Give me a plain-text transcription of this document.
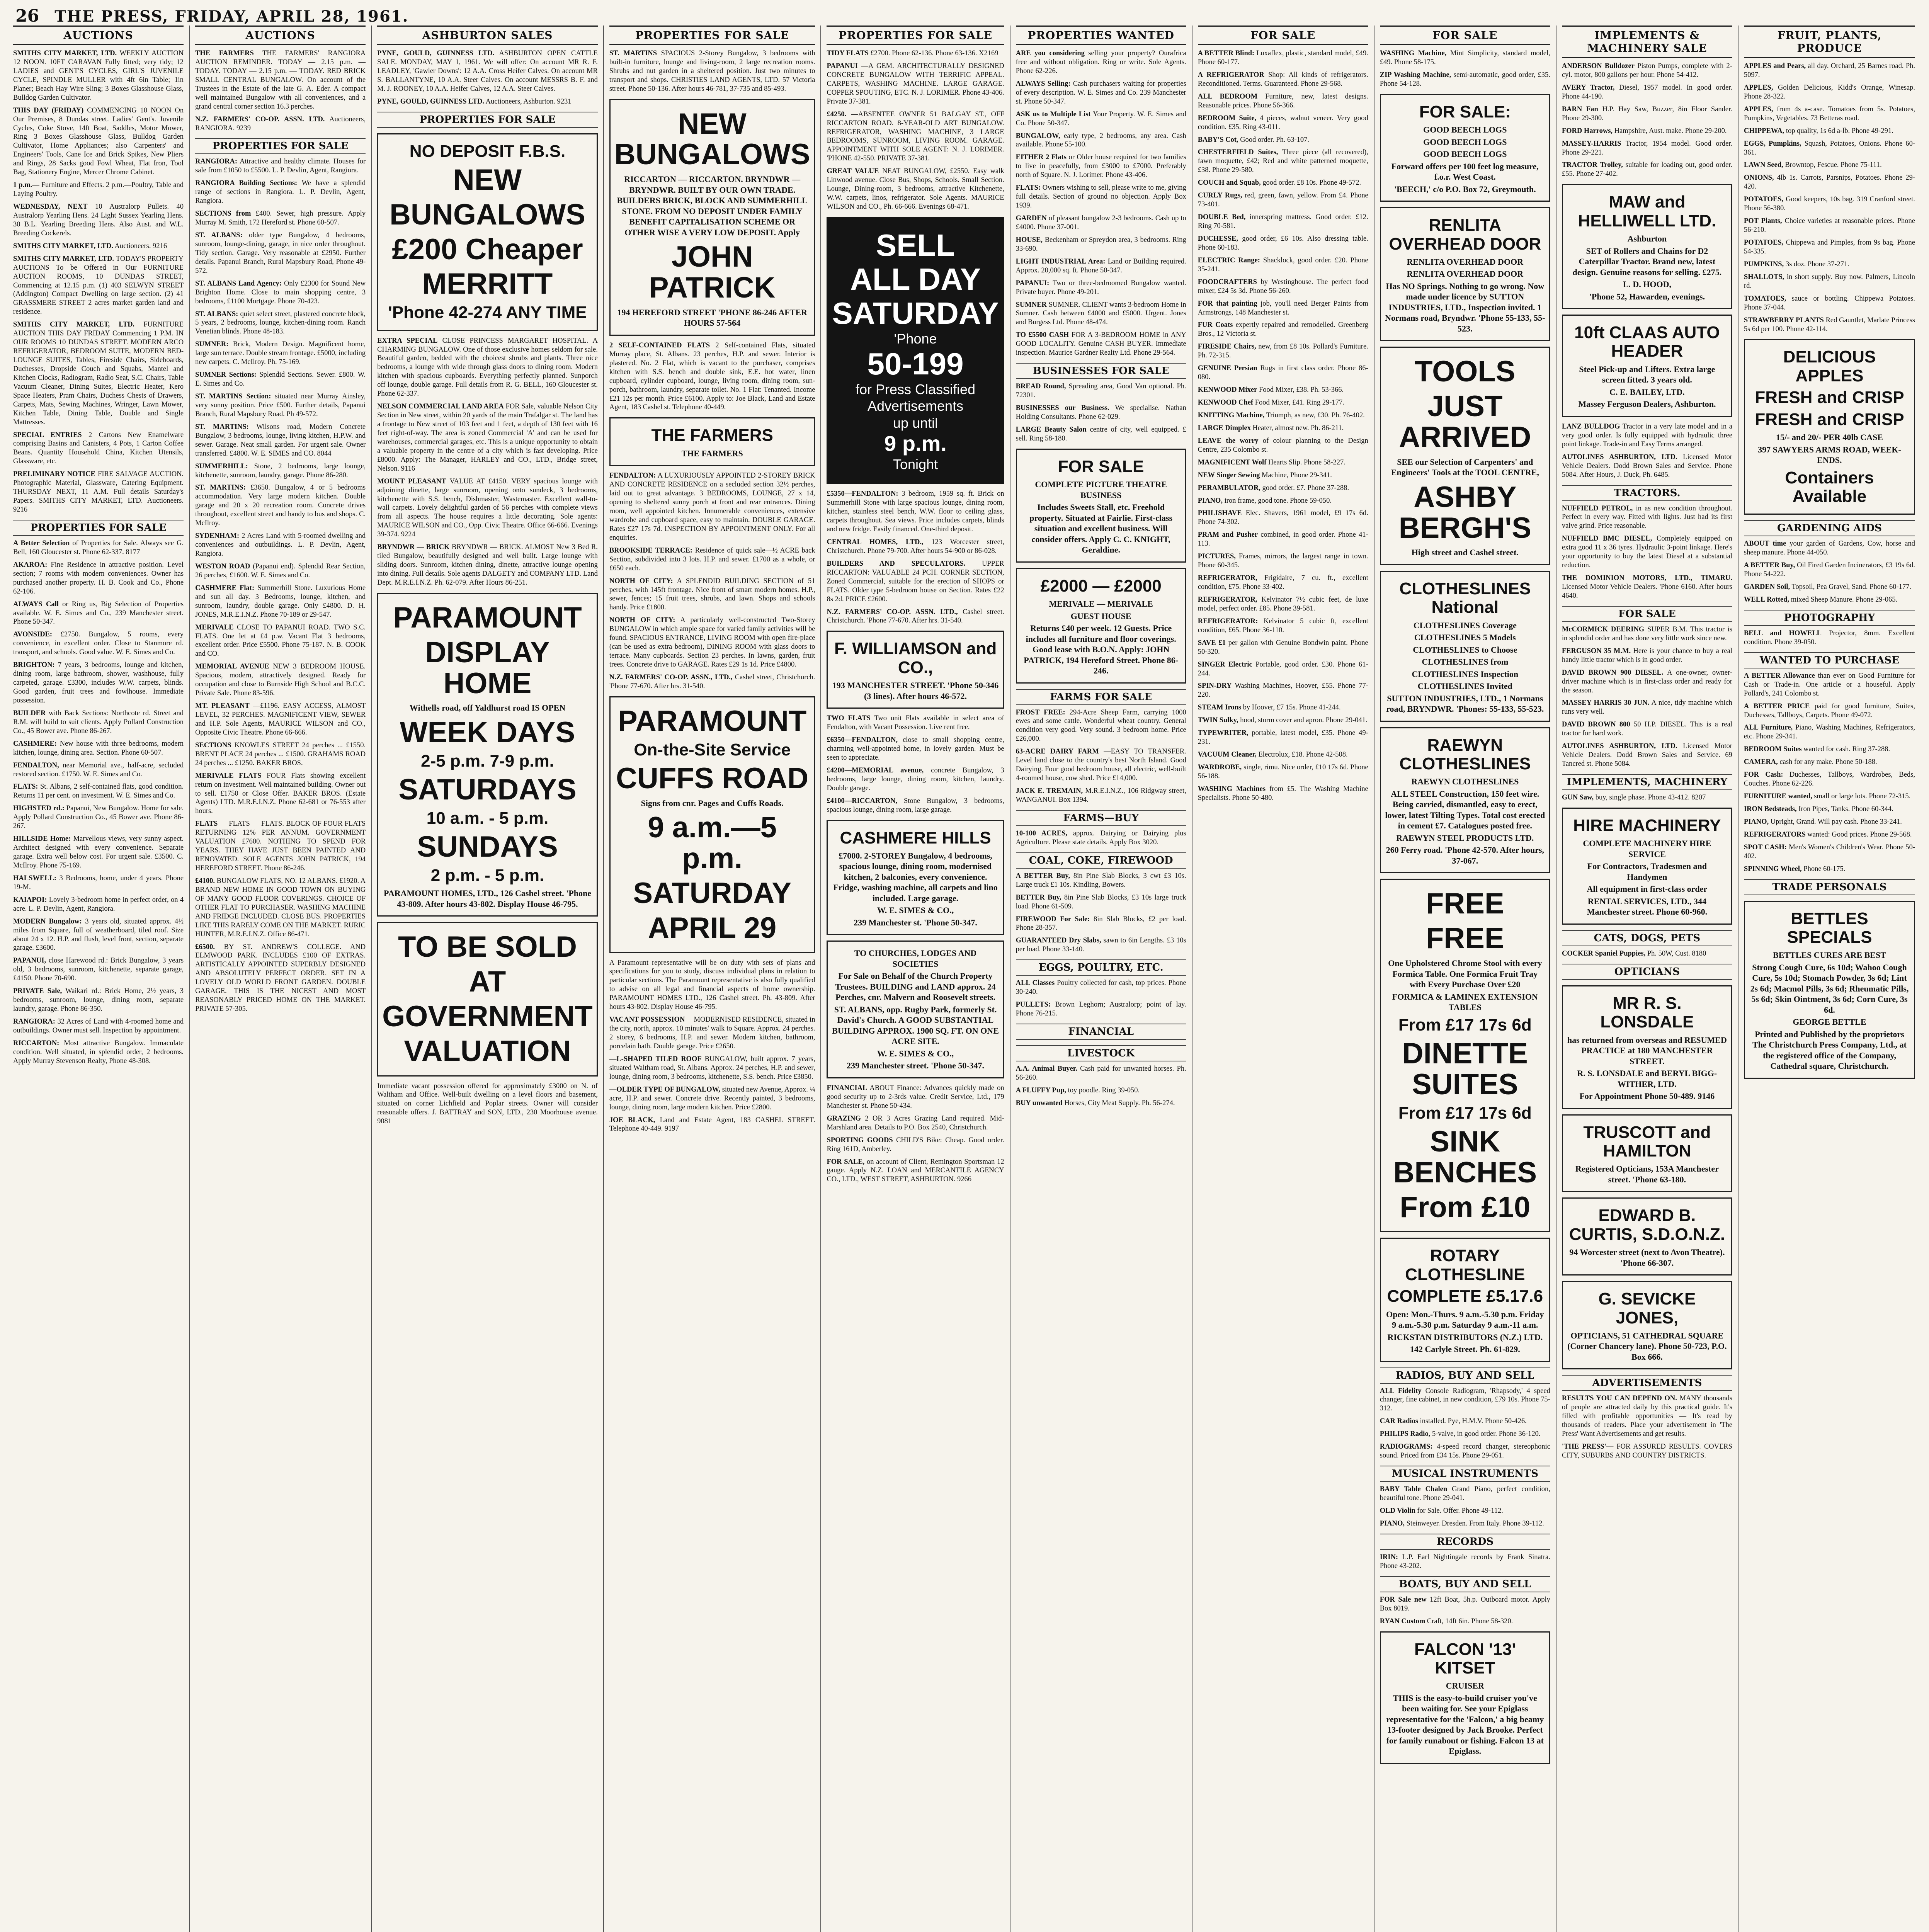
26 THE PRESS, FRIDAY, APRIL 28, 1961.
AUCTIONS

SMITHS CITY MARKET, LTD. WEEKLY AUCTION 12 NOON. 10FT CARAVAN Fully fitted; very tidy; 12 LADIES and GENT'S CYCLES, GIRL'S JUVENILE CYCLE, SPINDLE MULLER with 4ft 6in Table; 1in Planer; Beach Hay Wire Sling; 3 Boxes Glasshouse Glass, Bulldog Garden Cultivator.

THIS DAY (FRIDAY) COMMENCING 10 NOON On Our Premises, 8 Dundas street. Ladies' Gent's. Juvenile Cycles, Coke Stove, 14ft Boat, Saddles, Motor Mower, Ring 3 Boxes Glasshouse Glass, Bulldog Garden Cultivator, Home Appliances; also Carpenters' and Engineers' Tools, Cane Ice and Brick Spikes, New Pliers and Rings, 28 Sacks good Fowl Wheat, Flat Iron, Tool Bag, Stationery Engine, Mercer Chrome Cabinet.

1 p.m.— Furniture and Effects. 2 p.m.—Poultry, Table and Laying Poultry.

WEDNESDAY, NEXT 10 Australorp Pullets. 40 Australorp Yearling Hens. 24 Light Sussex Yearling Hens. 30 B.L. Yearling Breeding Hens. Also Aust. and W.L. Breeding Cockerels.

SMITHS CITY MARKET, LTD. Auctioneers. 9216

SMITHS CITY MARKET, LTD. TODAY'S PROPERTY AUCTIONS To be Offered in Our FURNITURE AUCTION ROOMS, 10 DUNDAS STREET, Commencing at 12.15 p.m. (1) 403 SELWYN STREET (Addington) Compact Dwelling on large section. (2) 41 GRASSMERE STREET 2 acres market garden land and residence.

SMITHS CITY MARKET, LTD. FURNITURE AUCTION THIS DAY FRIDAY Commencing 1 P.M. IN OUR ROOMS 10 DUNDAS STREET. MODERN ARCO REFRIGERATOR, BEDROOM SUITE, MODERN BED-LOUNGE SUITES, Tables, Fireside Chairs, Sideboards, Duchesses, Dropside Couch and Squabs, Mantel and Kitchen Clocks, Radiogram, Radio Seat, S.C. Chairs, Table Vacuum Cleaner, Dining Suites, Electric Heater, Kero Space Heaters, Pram Chairs, Duchess Chests of Drawers, Carpets, Mats, Sewing Machines, Wringer, Lawn Mower, Kitchen Table, Dining Table, Double and Single Mattresses.

SPECIAL ENTRIES 2 Cartons New Enamelware comprising Basins and Canisters, 4 Pots, 1 Carton Coffee Beans. Quantity Household China, Kitchen Utensils, Glassware, etc.

PRELIMINARY NOTICE FIRE SALVAGE AUCTION. Photographic Material, Glassware, Catering Equipment. THURSDAY NEXT, 11 A.M. Full details Saturday's Papers. SMITHS CITY MARKET, LTD. Auctioneers. 9216

PROPERTIES FOR SALE

A Better Selection of Properties for Sale. Always see G. Bell, 160 Gloucester st. Phone 62-337. 8177

AKAROA: Fine Residence in attractive position. Level section; 7 rooms with modern conveniences. Owner has purchased another property. H. B. Cook and Co., Phone 62-106.

ALWAYS Call or Ring us, Big Selection of Properties available. W. E. Simes and Co., 239 Manchester street. Phone 50-347.

AVONSIDE: £2750. Bungalow, 5 rooms, every convenience, in excellent order. Close to Stanmore rd. transport, and schools. Good value. W. E. Simes and Co.

BRIGHTON: 7 years, 3 bedrooms, lounge and kitchen, dining room, large bathroom, shower, washhouse, fully carpeted, garage. £3300, includes W.W. carpets, blinds. Good garden, fruit trees and fowlhouse. Immediate possession.

BUILDER with Back Sections: Northcote rd. Street and R.M. will build to suit clients. Apply Pollard Construction Co., 45 Bower ave. Phone 86-267.

CASHMERE: New house with three bedrooms, modern kitchen, lounge, dining area. Section. Phone 60-507.

FENDALTON, near Memorial ave., half-acre, secluded restored section. £1750. W. E. Simes and Co.

FLATS: St. Albans, 2 self-contained flats, good condition. Returns 11 per cent. on investment. W. E. Simes and Co.

HIGHSTED rd.: Papanui, New Bungalow. Home for sale. Apply Pollard Construction Co., 45 Bower ave. Phone 86-267.

HILLSIDE Home: Marvellous views, very sunny aspect. Architect designed with every convenience. Separate garage. Extra well below cost. For urgent sale. £3500. C. McIlroy. Phone 75-169.

HALSWELL: 3 Bedrooms, home, under 4 years. Phone 19-M.

KAIAPOI: Lovely 3-bedroom home in perfect order, on 4 acre. L. P. Devlin, Agent, Rangiora.

MODERN Bungalow: 3 years old, situated approx. 4½ miles from Square, full of weatherboard, tiled roof. Size about 24 x 12. H.P. and flush, level front, section, separate garage. £3600.

PAPANUI, close Harewood rd.: Brick Bungalow, 3 years old, 3 bedrooms, sunroom, kitchenette, separate garage, £4150. Phone 70-690.

PRIVATE Sale, Waikari rd.: Brick Home, 2½ years, 3 bedrooms, sunroom, lounge, dining room, separate laundry, garage. Phone 86-350.

RANGIORA: 32 Acres of Land with 4-roomed home and outbuildings. Owner must sell. Inspection by appointment.

RICCARTON: Most attractive Bungalow. Immaculate condition. Well situated, in splendid order, 2 bedrooms. Apply Murray Stevenson Realty, Phone 48-308.

AUCTIONS

THE FARMERS THE FARMERS' RANGIORA AUCTION REMINDER. TODAY — 2.15 p.m. — TODAY. TODAY — 2.15 p.m. — TODAY. RED BRICK SMALL CENTRAL BUNGALOW. On account of the Trustees in the Estate of the late G. A. Eder. A compact well maintained Bungalow with all conveniences, and a grand central corner section 16.3 perches.

N.Z. FARMERS' CO-OP. ASSN. LTD. Auctioneers, RANGIORA. 9239

PROPERTIES FOR SALE

RANGIORA: Attractive and healthy climate. Houses for sale from £1050 to £5500. L. P. Devlin, Agent, Rangiora.

RANGIORA Building Sections: We have a splendid range of sections in Rangiora. L. P. Devlin, Agent, Rangiora.

SECTIONS from £400. Sewer, high pressure. Apply Murray M. Smith, 172 Hereford st. Phone 60-507.

ST. ALBANS: older type Bungalow, 4 bedrooms, sunroom, lounge-dining, garage, in nice order throughout. Tidy section. Garage. Very reasonable at £2950. Further details. Papanui Branch, Rural Mapsbury Road, Phone 49-572.

ST. ALBANS Land Agency: Only £2300 for Sound New Brighton Home. Close to main shopping centre, 3 bedrooms, £1100 Mortgage. Phone 70-423.

ST. ALBANS: quiet select street, plastered concrete block, 5 years, 2 bedrooms, lounge, kitchen-dining room. Ranch Venetian blinds. Phone 48-183.

SUMNER: Brick, Modern Design. Magnificent home, large sun terrace. Double stream frontage. £5000, including new carpets. C. McIlroy. Ph. 75-169.

SUMNER Sections: Splendid Sections. Sewer. £800. W. E. Simes and Co.

ST. MARTINS Section: situated near Murray Ainsley, very sunny position. Price £500. Further details, Papanui Branch, Rural Mapsbury Road. Ph 49-572.

ST. MARTINS: Wilsons road, Modern Concrete Bungalow, 3 bedrooms, lounge, living kitchen, H.P.W. and sewer. Garage. Neat small garden. For urgent sale. Owner transferred. £4800. W. E. SIMES and CO. 8044

SUMMERHILL: Stone, 2 bedrooms, large lounge, kitchenette, sunroom, laundry, garage. Phone 86-280.

ST. MARTINS: £3650. Bungalow, 4 or 5 bedrooms accommodation. Very large modern kitchen. Double garage and 20 x 20 recreation room. Concrete drives throughout, excellent street and handy to bus and shops. C. McIlroy.

SYDENHAM: 2 Acres Land with 5-roomed dwelling and conveniences and outbuildings. L. P. Devlin, Agent, Rangiora.

WESTON ROAD (Papanui end). Splendid Rear Section, 26 perches, £1600. W. E. Simes and Co.

CASHMERE Flat: Summerhill Stone. Luxurious Home and sun all day. 3 Bedrooms, lounge, kitchen, and sunroom, laundry, double garage. Only £4800. D. H. JONES, M.R.E.I.N.Z. Phone 70-189 or 29-547.

MERIVALE CLOSE TO PAPANUI ROAD. TWO S.C. FLATS. One let at £4 p.w. Vacant Flat 3 bedrooms, excellent order. Price £5500. Phone 75-187. N. B. COOK and CO.

MEMORIAL AVENUE NEW 3 BEDROOM HOUSE. Spacious, modern, attractively designed. Ready for occupation and close to Burnside High School and B.C.C. Private Sale. Phone 83-596.

MT. PLEASANT —£1196. EASY ACCESS, ALMOST LEVEL, 32 PERCHES. MAGNIFICENT VIEW, SEWER and H.P. Sole Agents, MAURICE WILSON and CO., Opposite Civic Theatre. Phone 66-666.

SECTIONS KNOWLES STREET 24 perches ... £1550. BRENT PLACE 24 perches ... £1500. GRAHAMS ROAD 24 perches ... £1250. BAKER BROS.

MERIVALE FLATS FOUR Flats showing excellent return on investment. Well maintained building. Owner out to sell. £1750 or Close Offer. BAKER BROS. (Estate Agents) LTD. M.R.E.I.N.Z. Phone 62-681 or 76-553 after hours.

FLATS — FLATS — FLATS. BLOCK OF FOUR FLATS RETURNING 12% PER ANNUM. GOVERNMENT VALUATION £7600. NOTHING TO SPEND FOR YEARS. THEY HAVE JUST BEEN PAINTED AND RENOVATED. SOLE AGENTS JOHN PATRICK, 194 HEREFORD STREET. Phone 86-246.

£4100. BUNGALOW FLATS, NO. 12 ALBANS. £1920. A BRAND NEW HOME IN GOOD TOWN ON BUYING OF MANY GOOD FLOOR COVERINGS. CHOICE OF OTHER FLAT TO PURCHASER. WASHING MACHINE AND FRIDGE INCLUDED. CLOSE BUS. PROPERTIES LIKE THIS RARELY COME ON THE MARKET. RURIC HUNTER, M.R.E.I.N.Z. Office 86-471.

£6500. BY ST. ANDREW'S COLLEGE. AND ELMWOOD PARK. INCLUDES £100 OF EXTRAS. ARTISTICALLY APPOINTED SUPERBLY DESIGNED AND ABSOLUTELY PERFECT ORDER. SET IN A LOVELY OLD WORLD FRONT GARDEN. DOUBLE GARAGE. THIS IS THE NICEST AND MOST REASONABLY PRICED HOME ON THE MARKET. PRIVATE 57-305.

ASHBURTON SALES

PYNE, GOULD, GUINNESS LTD. ASHBURTON OPEN CATTLE SALE. MONDAY, MAY 1, 1961. We will offer: On account MR R. F. LEADLEY, 'Gawler Downs': 12 A.A. Cross Heifer Calves. On account MR S. BALLANTYNE, 10 A.A. Steer Calves. On account MESSRS B. F. and M. J. ROONEY, 10 A.A. Heifer Calves, 12 A.A. Steer Calves.

PYNE, GOULD, GUINNESS LTD. Auctioneers, Ashburton. 9231

PROPERTIES FOR SALE
NO DEPOSIT F.B.S.
NEW
BUNGALOWS
£200 Cheaper
MERRITT
'Phone 42-274 ANY TIME

EXTRA SPECIAL CLOSE PRINCESS MARGARET HOSPITAL. A CHARMING BUNGALOW. One of those exclusive homes seldom for sale. Beautiful garden, bedded with the choicest shrubs and plants. Three nice bedrooms, a lounge with wide through glass doors to dining room. Modern kitchen with spacious cupboards. Everything perfectly planned. Sunporch off lounge, double garage. Full details from R. G. BELL, 160 Gloucester st. Phone 62-337.

NELSON COMMERCIAL LAND AREA FOR Sale, valuable Nelson City Section in New street, within 20 yards of the main Trafalgar st. The land has a frontage to New street of 103 feet and 1 feet, a depth of 130 feet with 16 feet right-of-way. The area is zoned Commercial 'A' and can be used for warehouses, commercial garages, etc. This is a unique opportunity to obtain a valuable property in the centre of a city which is fast developing. Price £8000. Apply: The Manager, HARLEY and CO., LTD., Bridge street, Nelson. 9116

MOUNT PLEASANT VALUE AT £4150. VERY spacious lounge with adjoining dinette, large sunroom, opening onto sundeck, 3 bedrooms, kitchenette with S.S. bench, Dishmaster, Wastemaster. Excellent wall-to-wall carpets. Lovely delightful garden of 56 perches with complete views from all aspects. The house requires a little decorating. Sole agents: MAURICE WILSON and CO., Opp. Civic Theatre. Office 66-666. Evenings 39-374. 9224

BRYNDWR — BRICK BRYNDWR — BRICK. ALMOST New 3 Bed R. tiled Bungalow, beautifully designed and well built. Large lounge with sliding doors. Sunroom, kitchen dining, dinette, attractive lounge opening into dining. Full details. Sole agents DALGETY and COMPANY LTD. Land Dept. M.R.E.I.N.Z. Ph. 62-079. After Hours 86-251.

PARAMOUNT
DISPLAY HOME
Withells road, off Yaldhurst road IS OPEN
WEEK DAYS
2-5 p.m. 7-9 p.m.
SATURDAYS
10 a.m. - 5 p.m.
SUNDAYS
2 p.m. - 5 p.m.
PARAMOUNT HOMES, LTD., 126 Cashel street. 'Phone 43-809. After hours 43-802. Display House 46-795.
TO BE SOLD
AT
GOVERNMENT
VALUATION

Immediate vacant possession offered for approximately £3000 on N. of Waltham and Office. Well-built dwelling on a level floors and basement, situated on corner Lichfield and Poplar streets. Owner will consider reasonable offers. J. BATTRAY and SON, LTD., 230 Moorhouse avenue. 9081

PROPERTIES FOR SALE

ST. MARTINS SPACIOUS 2-Storey Bungalow, 3 bedrooms with built-in furniture, lounge and living-room, 2 large recreation rooms. Shrubs and nut garden in a sheltered position. Just two minutes to transport and shops. CHRISTIES LAND AGENTS, LTD. 57 Victoria street. Phone 50-136. After hours 46-781, 37-735 and 85-493.

NEW BUNGALOWS
RICCARTON — RICCARTON. BRYNDWR — BRYNDWR. BUILT BY OUR OWN TRADE. BUILDERS BRICK, BLOCK AND SUMMERHILL STONE. FROM NO DEPOSIT UNDER FAMILY BENEFIT CAPITALISATION SCHEME OR OTHER WISE A VERY LOW DEPOSIT. Apply
JOHN PATRICK
194 HEREFORD STREET 'PHONE 86-246 AFTER HOURS 57-564

2 SELF-CONTAINED FLATS 2 Self-contained Flats, situated Murray place, St. Albans. 23 perches, H.P. and sewer. Interior is plastered. No. 2 Flat, which is vacant to the purchaser, comprises kitchen with S.S. bench and double sink, E.E. hot water, linen cupboard, cylinder cupboard, lounge, living room, dining room, sun-porch, bathroom, laundry, separate toilet. No. 1 Flat: Tenanted. Income £21 12s per month. Price £6100. Apply to: Joe Black, Land and Estate Agent, 183 Cashel st. Telephone 40-449.

THE FARMERS
THE FARMERS

FENDALTON: A LUXURIOUSLY APPOINTED 2-STOREY BRICK AND CONCRETE RESIDENCE on a secluded section 32½ perches, laid out to great advantage. 3 BEDROOMS, LOUNGE, 27 x 14, opening to sheltered sunny porch at front and rear entrances. Dining room, well appointed kitchen. Innumerable conveniences, extensive wardrobe and cupboard space, easy to maintain. DOUBLE GARAGE. Rates £27 17s 7d. INSPECTION BY APPOINTMENT ONLY. For all enquiries.

BROOKSIDE TERRACE: Residence of quick sale—½ ACRE back Section, subdivided into 3 lots. H.P. and sewer. £1700 as a whole, or £650 each.

NORTH OF CITY: A SPLENDID BUILDING SECTION of 51 perches, with 145ft frontage. Nice front of smart modern homes. H.P., sewer, fences; 15 fruit trees, shrubs, and lawn. Shops and schools handy. Price £1800.

NORTH OF CITY: A particularly well-constructed Two-Storey BUNGALOW in which ample space for varied family activities will be found. SPACIOUS ENTRANCE, LIVING ROOM with open fire-place (can be used as extra bedroom), DINING ROOM with glass doors to terrace. Many cupboards. Section 23 perches. In lawns, garden, fruit trees. Concrete drive to GARAGE. Rates £29 1s 1d. Price £4800.

N.Z. FARMERS' CO-OP. ASSN., LTD., Cashel street, Christchurch. 'Phone 77-670. After hrs. 31-540.

PARAMOUNT
On-the-Site Service
CUFFS ROAD
Signs from cnr. Pages and Cuffs Roads.
9 a.m.—5 p.m.
SATURDAY
APRIL 29

A Paramount representative will be on duty with sets of plans and specifications for you to study, discuss individual plans in relation to particular sections. The Paramount representative is also fully qualified to advise on all legal and financial aspects of home ownership. PARAMOUNT HOMES LTD., 126 Cashel street. Ph. 43-809. After hours 43-802. Display House 46-795.

VACANT POSSESSION —MODERNISED RESIDENCE, situated in the city, north, approx. 10 minutes' walk to Square. Approx. 24 perches. 2 storey, 6 bedrooms, H.P. and sewer. Modern kitchen, bathroom, porcelain bath. Double garage. Price £2650.

—L-SHAPED TILED ROOF BUNGALOW, built approx. 7 years, situated Waltham road, St. Albans. Approx. 24 perches, H.P. and sewer, lounge, dining room, 3 bedrooms, kitchenette, S.S. bench. Price £3850.

—OLDER TYPE OF BUNGALOW, situated new Avenue, Approx. ¼ acre, H.P. and sewer. Concrete drive. Recently painted, 3 bedrooms, lounge, dining room, large modern kitchen. Price £2800.

JOE BLACK, Land and Estate Agent, 183 CASHEL STREET. Telephone 40-449. 9197

PROPERTIES FOR SALE

TIDY FLATS £2700. Phone 62-136. Phone 63-136. X2169

PAPANUI —A GEM. ARCHITECTURALLY DESIGNED CONCRETE BUNGALOW WITH TERRIFIC APPEAL. CARPETS, WASHING MACHINE. LARGE GARAGE. COPPER SPOUTING, ETC. N. J. LORIMER. Phone 43-406. Private 37-381.

£4250. —ABSENTEE OWNER 51 BALGAY ST., OFF RICCARTON ROAD. 8-YEAR-OLD ART BUNGALOW. REFRIGERATOR, WASHING MACHINE, 3 LARGE BEDROOMS, SUNROOM, LIVING ROOM. GARAGE. APPOINTMENT WITH SOLE AGENT: N. J. LORIMER. 'PHONE 42-550. PRIVATE 37-381.

GREAT VALUE NEAT BUNGALOW, £2550. Easy walk Linwood avenue. Close Bus, Shops, Schools. Small Section. Lounge, Dining-room, 3 bedrooms, attractive Kitchenette, W.W. carpets, linos, refrigerator. Sole Agents. MAURICE WILSON and CO., Ph. 66-666. Evenings 68-471.

SELL
ALL DAY
SATURDAY
'Phone
50-199
for Press Classified Advertisements
up until
9 p.m.
Tonight

£5350—FENDALTON: 3 bedroom, 1959 sq. ft. Brick on Summerhill Stone with large spacious lounge, dining room, kitchen, stainless steel bench, W.W. floor to ceiling glass, carpets throughout. Sea views. Price includes carpets, blinds and new fridge. Easily financed. One-third deposit.

CENTRAL HOMES, LTD., 123 Worcester street, Christchurch. Phone 79-700. After hours 54-900 or 86-028.

BUILDERS AND SPECULATORS. UPPER RICCARTON: VALUABLE 24 PCH. CORNER SECTION, Zoned Commercial, suitable for the erection of SHOPS or FLATS. Older type 5-bedroom house on Section. Rates £22 8s 2d. PRICE £2600.

N.Z. FARMERS' CO-OP. ASSN. LTD., Cashel street. Christchurch. 'Phone 77-670. After hrs. 31-540.

F. WILLIAMSON and CO.,
193 MANCHESTER STREET. 'Phone 50-346 (3 lines). After hours 46-572.

TWO FLATS Two unit Flats available in select area of Fendalton, with Vacant Possession. Live rent free.

£6350—FENDALTON, close to small shopping centre, charming well-appointed home, in lovely garden. Must be seen to appreciate.

£4200—MEMORIAL avenue, concrete Bungalow, 3 bedrooms, large lounge, dining room, kitchen, laundry. Double garage.

£4100—RICCARTON, Stone Bungalow, 3 bedrooms, spacious lounge, dining room, large garage.

CASHMERE HILLS
£7000. 2-STOREY Bungalow, 4 bedrooms, spacious lounge, dining room, modernised kitchen, 2 balconies, every convenience. Fridge, washing machine, all carpets and lino included. Large garage.
W. E. SIMES & CO.,
239 Manchester st. 'Phone 50-347.
TO CHURCHES, LODGES AND SOCIETIES
For Sale on Behalf of the Church Property Trustees. BUILDING and LAND approx. 24 Perches, cnr. Malvern and Roosevelt streets.
ST. ALBANS, opp. Rugby Park, formerly St. David's Church. A GOOD SUBSTANTIAL BUILDING APPROX. 1900 SQ. FT. ON ONE ACRE SITE.
W. E. SIMES & CO.,
239 Manchester street. 'Phone 50-347.

FINANCIAL ABOUT Finance: Advances quickly made on good security up to 2-3rds value. Credit Service, Ltd., 179 Manchester st. Phone 50-434.

GRAZING 2 OR 3 Acres Grazing Land required. Mid-Marshland area. Details to P.O. Box 2540, Christchurch.

SPORTING GOODS CHILD'S Bike: Cheap. Good order. Ring 161D, Amberley.

FOR SALE, on account of Client, Remington Sportsman 12 gauge. Apply N.Z. LOAN and MERCANTILE AGENCY CO., LTD., WEST STREET, ASHBURTON. 9266

PROPERTIES WANTED

ARE you considering selling your property? Ourafrica free and without obligation. Ring or write. Sole Agents. Phone 62-226.

ALWAYS Selling: Cash purchasers waiting for properties of every description. W. E. Simes and Co. 239 Manchester st. Phone 50-347.

ASK us to Multiple List Your Property. W. E. Simes and Co. Phone 50-347.

BUNGALOW, early type, 2 bedrooms, any area. Cash available. Phone 55-100.

EITHER 2 Flats or Older house required for two families to live in peacefully, from £3000 to £7000. Preferably north of Square. N. J. Lorimer. Phone 43-406.

FLATS: Owners wishing to sell, please write to me, giving full details. Section of ground no objection. Apply Box 1939.

GARDEN of pleasant bungalow 2-3 bedrooms. Cash up to £4000. Phone 37-001.

HOUSE, Beckenham or Spreydon area, 3 bedrooms. Ring 33-690.

LIGHT INDUSTRIAL Area: Land or Building required. Approx. 20,000 sq. ft. Phone 50-347.

PAPANUI: Two or three-bedroomed Bungalow wanted. Private buyer. Phone 49-201.

SUMNER SUMNER. CLIENT wants 3-bedroom Home in Sumner. Cash between £4000 and £5000. Urgent. Jones and Burgess Ltd. Phone 48-474.

TO £5500 CASH FOR A 3-BEDROOM HOME in ANY GOOD LOCALITY. Genuine CASH BUYER. Immediate inspection. Maurice Gardner Realty Ltd. Phone 29-564.

BUSINESSES FOR SALE

BREAD Round, Spreading area, Good Van optional. Ph. 72301.

BUSINESSES our Business. We specialise. Nathan Holding Consultants. Phone 62-029.

LARGE Beauty Salon centre of city, well equipped. £ sell. Ring 58-180.

FOR SALE
COMPLETE PICTURE THEATRE BUSINESS
Includes Sweets Stall, etc. Freehold property. Situated at Fairlie. First-class situation and excellent business. Will consider offers. Apply C. C. KNIGHT, Geraldine.
£2000 — £2000
MERIVALE — MERIVALE
GUEST HOUSE
Returns £40 per week. 12 Guests. Price includes all furniture and floor coverings. Good lease with B.O.N. Apply: JOHN PATRICK, 194 Hereford Street. Phone 86-246.
FARMS FOR SALE

FROST FREE: 294-Acre Sheep Farm, carrying 1000 ewes and some cattle. Wonderful wheat country. General condition very good. Very sound. 3 bedroom home. Price £26,000.

63-ACRE DAIRY FARM —EASY TO TRANSFER. Level land close to the country's best North Island. Good Dairying. Four good bedroom house, all electric, well-built 4-roomed house, cow shed. Price £14,000.

JACK E. TREMAIN, M.R.E.I.N.Z., 106 Ridgway street, WANGANUI. Box 1394.

FARMS—BUY

10-100 ACRES, approx. Dairying or Dairying plus Agriculture. Please state details. Apply Box 3020.

COAL, COKE, FIREWOOD

A BETTER Buy, 8in Pine Slab Blocks, 3 cwt £3 10s. Large truck £1 10s. Kindling, Bowers.

BETTER Buy, 8in Pine Slab Blocks, £3 10s large truck load. Phone 61-509.

FIREWOOD For Sale: 8in Slab Blocks, £2 per load. Phone 28-357.

GUARANTEED Dry Slabs, sawn to 6in Lengths. £3 10s per load. Phone 33-140.

EGGS, POULTRY, ETC.

ALL Classes Poultry collected for cash, top prices. Phone 30-240.

PULLETS: Brown Leghorn; Australorp; point of lay. Phone 76-215.

FINANCIAL
LIVESTOCK

A.A. Animal Buyer. Cash paid for unwanted horses. Ph. 56-260.

A FLUFFY Pup, toy poodle. Ring 39-050.

BUY unwanted Horses, City Meat Supply. Ph. 56-274.

FOR SALE

A BETTER Blind: Luxaflex, plastic, standard model, £49. Phone 60-177.

A REFRIGERATOR Shop: All kinds of refrigerators. Reconditioned. Terms. Guaranteed. Phone 29-568.

ALL BEDROOM Furniture, new, latest designs. Reasonable prices. Phone 56-366.

BEDROOM Suite, 4 pieces, walnut veneer. Very good condition. £35. Ring 43-011.

BABY'S Cot, Good order. Ph. 63-107.

CHESTERFIELD Suites, Three piece (all recovered), fawn moquette, £42; Red and white patterned moquette, £38. Phone 29-580.

COUCH and Squab, good order. £8 10s. Phone 49-572.

CURLY Rugs, red, green, fawn, yellow. From £4. Phone 73-401.

DOUBLE Bed, innerspring mattress. Good order. £12. Ring 70-581.

DUCHESSE, good order, £6 10s. Also dressing table. Phone 60-183.

ELECTRIC Range: Shacklock, good order. £20. Phone 35-241.

FOODCRAFTERS by Westinghouse. The perfect food mixer, £24 5s 3d. Phone 56-260.

FOR that painting job, you'll need Berger Paints from Armstrongs, 148 Manchester st.

FUR Coats expertly repaired and remodelled. Greenberg Bros., 12 Victoria st.

FIRESIDE Chairs, new, from £8 10s. Pollard's Furniture. Ph. 72-315.

GENUINE Persian Rugs in first class order. Phone 86-080.

KENWOOD Mixer Food Mixer, £38. Ph. 53-366.

KENWOOD Chef Food Mixer, £41. Ring 29-177.

KNITTING Machine, Triumph, as new, £30. Ph. 76-402.

LARGE Dimplex Heater, almost new. Ph. 86-211.

LEAVE the worry of colour planning to the Design Centre, 235 Colombo st.

MAGNIFICENT Wolf Hearts Slip. Phone 58-227.

NEW Singer Sewing Machine, Phone 29-341.

PERAMBULATOR, good order. £7. Phone 37-288.

PIANO, iron frame, good tone. Phone 59-050.

PHILISHAVE Elec. Shavers, 1961 model, £9 17s 6d. Phone 74-302.

PRAM and Pusher combined, in good order. Phone 41-113.

PICTURES, Frames, mirrors, the largest range in town. Phone 60-345.

REFRIGERATOR, Frigidaire, 7 cu. ft., excellent condition, £75. Phone 33-402.

REFRIGERATOR, Kelvinator 7½ cubic feet, de luxe model, perfect order. £85. Phone 39-581.

REFRIGERATOR: Kelvinator 5 cubic ft, excellent condition, £65. Phone 36-110.

SAVE £1 per gallon with Genuine Bondwin paint. Phone 50-320.

SINGER Electric Portable, good order. £30. Phone 61-244.

SPIN-DRY Washing Machines, Hoover, £55. Phone 77-220.

STEAM Irons by Hoover, £7 15s. Phone 41-244.

TWIN Sulky, hood, storm cover and apron. Phone 29-041.

TYPEWRITER, portable, latest model, £35. Phone 49-231.

VACUUM Cleaner, Electrolux, £18. Phone 42-508.

WARDROBE, single, rimu. Nice order, £10 17s 6d. Phone 56-188.

WASHING Machines from £5. The Washing Machine Specialists. Phone 50-480.

FOR SALE

WASHING Machine, Mint Simplicity, standard model, £49. Phone 58-175.

ZIP Washing Machine, semi-automatic, good order, £35. Phone 54-128.

FOR SALE:
GOOD BEECH LOGS
GOOD BEECH LOGS
GOOD BEECH LOGS
Forward offers per 100 feet log measure, f.o.r. West Coast.
'BEECH,' c/o P.O. Box 72, Greymouth.
RENLITA OVERHEAD DOOR
RENLITA OVERHEAD DOOR
RENLITA OVERHEAD DOOR
Has NO Springs. Nothing to go wrong. Now made under licence by SUTTON INDUSTRIES, LTD., Inspection invited. 1 Normans road, Bryndwr. 'Phone 55-133, 55-523.
TOOLS
JUST ARRIVED
SEE our Selection of Carpenters' and Engineers' Tools at the TOOL CENTRE,
ASHBY BERGH'S
High street and Cashel street.
CLOTHESLINES National
CLOTHESLINES Coverage
CLOTHESLINES 5 Models
CLOTHESLINES to Choose
CLOTHESLINES from
CLOTHESLINES Inspection
CLOTHESLINES Invited
SUTTON INDUSTRIES, LTD., 1 Normans road, BRYNDWR. 'Phones: 55-133, 55-523.
RAEWYN CLOTHESLINES
RAEWYN CLOTHESLINES
ALL STEEL Construction, 150 feet wire. Being carried, dismantled, easy to erect, lower, latest Tilting Types. Total cost erected in cement £7. Catalogues posted free.
RAEWYN STEEL PRODUCTS LTD.
260 Ferry road. 'Phone 42-570. After hours, 37-067.
FREE
FREE
One Upholstered Chrome Stool with every Formica Table. One Formica Fruit Tray with Every Purchase Over £20
FORMICA & LAMINEX EXTENSION TABLES
From £17 17s 6d
DINETTE SUITES
From £17 17s 6d
SINK BENCHES
From £10
ROTARY CLOTHESLINE
COMPLETE £5.17.6
Open: Mon.-Thurs. 9 a.m.-5.30 p.m. Friday 9 a.m.-5.30 p.m. Saturday 9 a.m.-11 a.m.
RICKSTAN DISTRIBUTORS (N.Z.) LTD.
142 Carlyle Street. Ph. 61-829.
RADIOS, BUY AND SELL

ALL Fidelity Console Radiogram, 'Rhapsody,' 4 speed changer, fine cabinet, in new condition, £79 10s. Phone 75-312.

CAR Radios installed. Pye, H.M.V. Phone 50-426.

PHILIPS Radio, 5-valve, in good order. Phone 36-120.

RADIOGRAMS: 4-speed record changer, stereophonic sound. Priced from £34 15s. Phone 29-051.

MUSICAL INSTRUMENTS

BABY Table Chalen Grand Piano, perfect condition, beautiful tone. Phone 29-041.

OLD Violin for Sale. Offer. Phone 49-112.

PIANO, Steinweyer. Dresden. From Italy. Phone 39-112.

RECORDS

IRIN: L.P. Earl Nightingale records by Frank Sinatra. Phone 43-202.

BOATS, BUY AND SELL

FOR Sale new 12ft Boat, 5h.p. Outboard motor. Apply Box 8019.

RYAN Custom Craft, 14ft 6in. Phone 58-320.

FALCON '13' KITSET
CRUISER
THIS is the easy-to-build cruiser you've been waiting for. See your Epiglass representative for the 'Falcon,' a big beamy 13-footer designed by Jack Brooke. Perfect for family runabout or fishing. Falcon 13 at Epiglass.
IMPLEMENTS & MACHINERY SALE

ANDERSON Bulldozer Piston Pumps, complete with 2-cyl. motor, 800 gallons per hour. Phone 54-412.

AVERY Tractor, Diesel, 1957 model. In good order. Phone 44-190.

BARN Fan H.P. Hay Saw, Buzzer, 8in Floor Sander. Phone 29-300.

FORD Harrows, Hampshire, Aust. make. Phone 29-200.

MASSEY-HARRIS Tractor, 1954 model. Good order. Phone 29-221.

TRACTOR Trolley, suitable for loading out, good order. £55. Phone 27-402.

MAW and HELLIWELL LTD.
Ashburton
SET of Rollers and Chains for D2 Caterpillar Tractor. Brand new, latest design. Genuine reasons for selling. £275.
L. D. HOOD,
'Phone 52, Hawarden, evenings.
10ft CLAAS AUTO HEADER
Steel Pick-up and Lifters. Extra large screen fitted. 3 years old.
C. E. BAILEY, LTD.
Massey Ferguson Dealers, Ashburton.

LANZ BULLDOG Tractor in a very late model and in a very good order. Is fully equipped with hydraulic three point linkage. Trade-in and Easy Terms arranged.

AUTOLINES ASHBURTON, LTD. Licensed Motor Vehicle Dealers. Dodd Brown Sales and Service. Phone 5084. After Hours, J. Duck, Ph. 6485.

TRACTORS.

NUFFIELD PETROL, in as new condition throughout. Perfect in every way. Fitted with lights. Just had its first valve grind. Price reasonable.

NUFFIELD BMC DIESEL, Completely equipped on extra good 11 x 36 tyres. Hydraulic 3-point linkage. Here's your opportunity to buy the latest Diesel at a substantial reduction.

THE DOMINION MOTORS, LTD., TIMARU. Licensed Motor Vehicle Dealers. 'Phone 6160. After hours 4640.

FOR SALE

McCORMICK DEERING SUPER B.M. This tractor is in splendid order and has done very little work since new.

FERGUSON 35 M.M. Here is your chance to buy a real handy little tractor which is in good order.

DAVID BROWN 900 DIESEL. A one-owner, owner-driver machine which is in first-class order and ready for the season.

MASSEY HARRIS 30 JUN. A nice, tidy machine which runs very well.

DAVID BROWN 800 50 H.P. DIESEL. This is a real tractor for hard work.

AUTOLINES ASHBURTON, LTD. Licensed Motor Vehicle Dealers. Dodd Brown Sales and Service. 69 Tancred st. Phone 5084.

IMPLEMENTS, MACHINERY

GUN Saw, buy, single phase. Phone 43-412. 8207

HIRE MACHINERY
COMPLETE MACHINERY HIRE SERVICE
For Contractors, Tradesmen and Handymen
All equipment in first-class order
RENTAL SERVICES, LTD., 344 Manchester street. Phone 60-960.
CATS, DOGS, PETS

COCKER Spaniel Puppies, Ph. 50W, Cust. 8180

OPTICIANS
MR R. S. LONSDALE
has returned from overseas and RESUMED PRACTICE at 180 MANCHESTER STREET.
R. S. LONSDALE and BERYL BIGG-WITHER, LTD.
For Appointment Phone 50-489. 9146
TRUSCOTT and HAMILTON
Registered Opticians, 153A Manchester street. 'Phone 63-180.
EDWARD B. CURTIS, S.D.O.N.Z.
94 Worcester street (next to Avon Theatre). 'Phone 66-307.
G. SEVICKE JONES,
OPTICIANS, 51 CATHEDRAL SQUARE (Corner Chancery lane). Phone 50-723, P.O. Box 666.
ADVERTISEMENTS

RESULTS YOU CAN DEPEND ON. MANY thousands of people are attracted daily by this practical guide. It's filled with profitable opportunities — It's read by thousands of readers. Place your advertisement in 'The Press' Want Advertisements and get results.

'THE PRESS'— FOR ASSURED RESULTS. COVERS CITY, SUBURBS AND COUNTRY DISTRICTS.

FRUIT, PLANTS, PRODUCE

APPLES and Pears, all day. Orchard, 25 Barnes road. Ph. 5097.

APPLES, Golden Delicious, Kidd's Orange, Winesap. Phone 28-322.

APPLES, from 4s a-case. Tomatoes from 5s. Potatoes, Pumpkins, Vegetables. 73 Betteras road.

CHIPPEWA, top quality, 1s 6d a-lb. Phone 49-291.

EGGS, Pumpkins, Squash, Potatoes, Onions. Phone 60-361.

LAWN Seed, Browntop, Fescue. Phone 75-111.

ONIONS, 4lb 1s. Carrots, Parsnips, Potatoes. Phone 29-420.

POTATOES, Good keepers, 10s bag. 319 Cranford street. Phone 56-380.

POT Plants, Choice varieties at reasonable prices. Phone 56-210.

POTATOES, Chippewa and Pimples, from 9s bag. Phone 54-335.

PUMPKINS, 3s doz. Phone 37-271.

SHALLOTS, in short supply. Buy now. Palmers, Lincoln rd.

TOMATOES, sauce or bottling. Chippewa Potatoes. Phone 37-044.

STRAWBERRY PLANTS Red Gauntlet, Marlate Princess 5s 6d per 100. Phone 42-114.

DELICIOUS APPLES
FRESH and CRISP
FRESH and CRISP
15/- and 20/- PER 40lb CASE
397 SAWYERS ARMS ROAD, WEEK-ENDS.
Containers Available
GARDENING AIDS

ABOUT time your garden of Gardens, Cow, horse and sheep manure. Phone 44-050.

A BETTER Buy, Oil Fired Garden Incinerators, £3 19s 6d. Phone 54-222.

GARDEN Soil, Topsoil, Pea Gravel, Sand. Phone 60-177.

WELL Rotted, mixed Sheep Manure. Phone 29-065.

PHOTOGRAPHY

BELL and HOWELL Projector, 8mm. Excellent condition. Phone 39-050.

WANTED TO PURCHASE

A BETTER Allowance than ever on Good Furniture for Cash or Trade-in. One article or a houseful. Apply Pollard's, 241 Colombo st.

A BETTER PRICE paid for good furniture, Suites, Duchesses, Tallboys, Carpets. Phone 49-072.

ALL Furniture, Piano, Washing Machines, Refrigerators, etc. Phone 29-341.

BEDROOM Suites wanted for cash. Ring 37-288.

CAMERA, cash for any make. Phone 50-188.

FOR Cash: Duchesses, Tallboys, Wardrobes, Beds, Couches. Phone 62-226.

FURNITURE wanted, small or large lots. Phone 72-315.

IRON Bedsteads, Iron Pipes, Tanks. Phone 60-344.

PIANO, Upright, Grand. Will pay cash. Phone 33-241.

REFRIGERATORS wanted: Good prices. Phone 29-568.

SPOT CASH: Men's Women's Children's Wear. Phone 50-402.

SPINNING Wheel, Phone 60-175.

TRADE PERSONALS
BETTLES SPECIALS
BETTLES CURES ARE BEST
Strong Cough Cure, 6s 10d; Wahoo Cough Cure, 5s 10d; Stomach Powder, 3s 6d; Lint 2s 6d; Macmol Pills, 3s 6d; Rheumatic Pills, 5s 6d; Skin Ointment, 3s 6d; Corn Cure, 3s 6d.
GEORGE BETTLE
Printed and Published by the proprietors The Christchurch Press Company, Ltd., at the registered office of the Company, Cathedral square, Christchurch.
